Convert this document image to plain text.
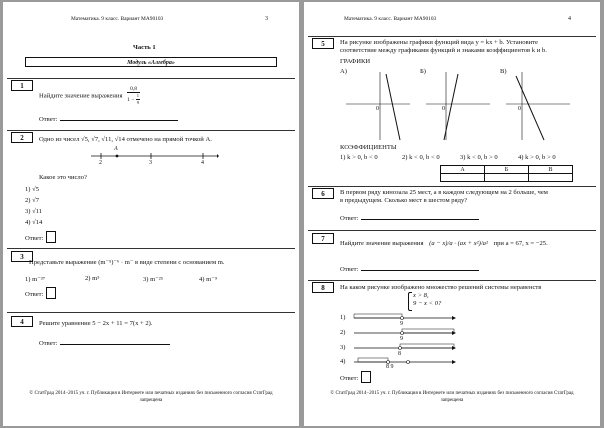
Математика. 9 класс. Вариант МА90103	3
Часть 1
Модуль «Алгебра»
1
Найдите значение выражения $\frac{0,8}{1 - \frac{1}{9}}$
Ответ:
2	Одно из чисел √5, √7, √11, √14 отмечено на прямой точкой A.
A
2	3	4
Какое это число?
1) √5
2) √7
3) √11
4) √14
Ответ:
3
Представьте выражение (m⁻⁵)⁻⁶ · m⁻ в виде степени с основанием m.
1) m⁻³⁷	2) m⁵	3) m⁻²⁵	4) m⁻⁹
Ответ:
4	Решите уравнение 5 − 2x + 11 = 7(x + 2).
Ответ:
© СтатГрад 2014−2015 уч. г. Публикация в Интернете или печатных изданиях без письменного согласия СтатГрад запрещена
Математика. 9 класс. Вариант МА90103	4
5	На рисунке изображены графики функций вида y = kx + b. Установите
соответствие между графиками функций и знаками коэффициентов k и b.
ГРАФИКИ
А)	Б)	В)
0	0	0
КОЭФФИЦИЕНТЫ
1) k > 0, b < 0	2) k < 0, b < 0	3) k < 0, b > 0	4) k > 0, b > 0
А	Б	В

6	В первом ряду кинозала 25 мест, а в каждом следующем на 2 больше, чем
в предыдущем. Сколько мест в шестом ряду?
Ответ:
7
Найдите значение выражения (a − x)/a · (ax + x²)/a² при a = 67, x = −25.
Ответ:
8	На каком рисунке изображено множество решений системы неравенств
x > 8,
9 − x < 0?
1)
9
2)
9
3)
8
4)
8 9
Ответ:
© СтатГрад 2014−2015 уч. г. Публикация в Интернете или печатных изданиях без письменного согласия СтатГрад запрещена
